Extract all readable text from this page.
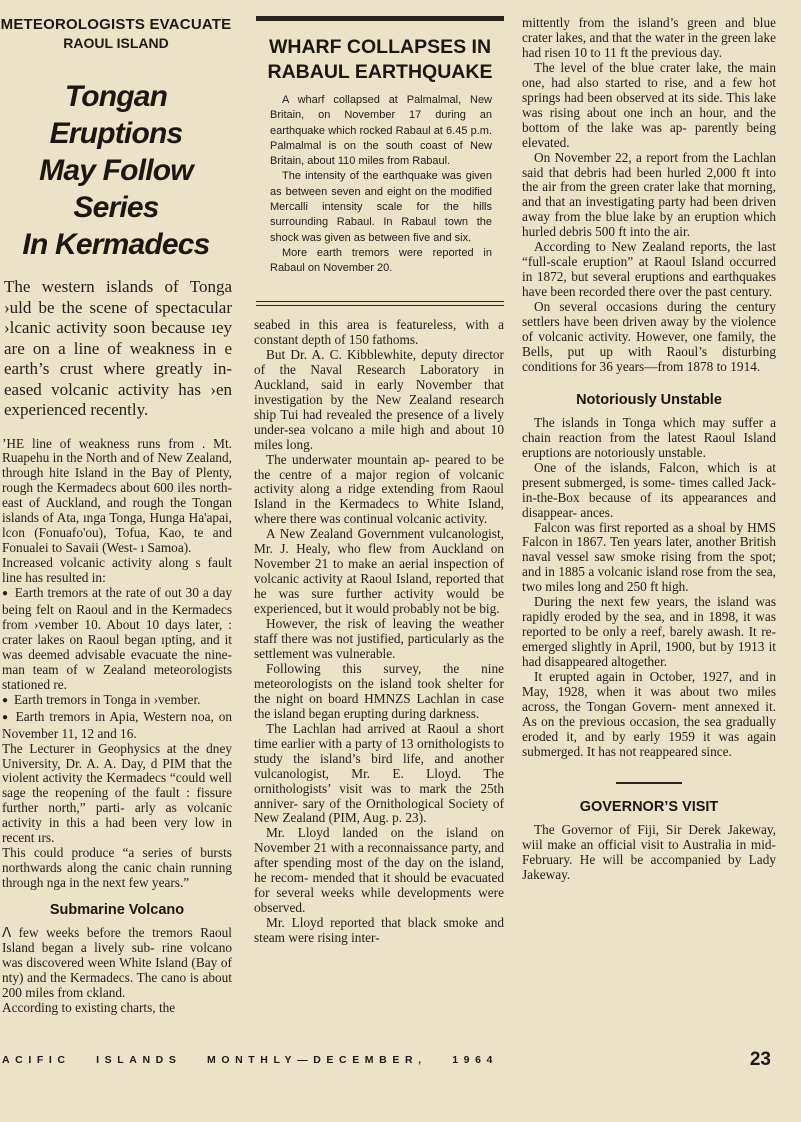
METEOROLOGISTS EVACUATE
RAOUL ISLAND
Tongan Eruptions
May Follow Series
In Kermadecs
The western islands of Tonga ›uld be the scene of spectacular ›lcanic activity soon because ıey are on a line of weakness in e earth’s crust where greatly in- eased volcanic activity has ›en experienced recently.

ʼHE line of weakness runs from . Mt. Ruapehu in the North and of New Zealand, through hite Island in the Bay of Plenty, rough the Kermadecs about 600 iles north-east of Auckland, and rough the Tongan islands of Ata, ınga Tonga, Hunga Ha'apai, lcon (Fonuafo'ou), Tofua, Kao, te and Fonualei to Savaii (West- ı Samoa).

Increased volcanic activity along s fault line has resulted in:

● Earth tremors at the rate of out 30 a day being felt on Raoul and in the Kermadecs from ›vember 10. About 10 days later, : crater lakes on Raoul began ıpting, and it was deemed advisable evacuate the nine-man team of w Zealand meteorologists stationed re.

● Earth tremors in Tonga in ›vember.

● Earth tremors in Apia, Western noa, on November 11, 12 and 16.

The Lecturer in Geophysics at the dney University, Dr. A. A. Day, d PIM that the violent activity the Kermadecs “could well sage the reopening of the fault : fissure further north,” parti- arly as volcanic activity in this a had been very low in recent ırs.

This could produce “a series of bursts northwards along the canic chain running through nga in the next few years.”

Submarine Volcano

ᐱ few weeks before the tremors Raoul Island began a lively sub- rine volcano was discovered ween White Island (Bay of nty) and the Kermadecs. The cano is about 200 miles from ckland.

According to existing charts, the

WHARF COLLAPSES IN
RABAUL EARTHQUAKE

A wharf collapsed at Palmalmal, New Britain, on November 17 during an earthquake which rocked Rabaul at 6.45 p.m. Palmalmal is on the south coast of New Britain, about 110 miles from Rabaul.

The intensity of the earthquake was given as between seven and eight on the modified Mercalli intensity scale for the hills surrounding Rabaul. In Rabaul town the shock was given as between five and six.

More earth tremors were reported in Rabaul on November 20.

seabed in this area is featureless, with a constant depth of 150 fathoms.

But Dr. A. C. Kibblewhite, deputy director of the Naval Research Laboratory in Auckland, said in early November that investigation by the New Zealand research ship Tui had revealed the presence of a lively under-sea volcano a mile high and about 10 miles long.

The underwater mountain ap- peared to be the centre of a major region of volcanic activity along a ridge extending from Raoul Island in the Kermadecs to White Island, where there was continual volcanic activity.

A New Zealand Government vulcanologist, Mr. J. Healy, who flew from Auckland on November 21 to make an aerial inspection of volcanic activity at Raoul Island, reported that he was sure further activity would be experienced, but it would probably not be big.

However, the risk of leaving the weather staff there was not justified, particularly as the settlement was vulnerable.

Following this survey, the nine meteorologists on the island took shelter for the night on board HMNZS Lachlan in case the island began erupting during darkness.

The Lachlan had arrived at Raoul a short time earlier with a party of 13 ornithologists to study the island’s bird life, and another vulcanologist, Mr. E. Lloyd. The ornithologists’ visit was to mark the 25th anniver- sary of the Ornithological Society of New Zealand (PIM, Aug. p. 23).

Mr. Lloyd landed on the island on November 21 with a reconnaissance party, and after spending most of the day on the island, he recom- mended that it should be evacuated for several weeks while developments were observed.

Mr. Lloyd reported that black smoke and steam were rising inter-

mittently from the island’s green and blue crater lakes, and that the water in the green lake had risen 10 to 11 ft the previous day.

The level of the blue crater lake, the main one, had also started to rise, and a few hot springs had been observed at its side. This lake was rising about one inch an hour, and the bottom of the lake was ap- parently being elevated.

On November 22, a report from the Lachlan said that debris had been hurled 2,000 ft into the air from the green crater lake that morning, and that an investigating party had been driven away from the blue lake by an eruption which hurled debris 500 ft into the air.

According to New Zealand reports, the last “full-scale eruption” at Raoul Island occurred in 1872, but several eruptions and earthquakes have been recorded there over the past century.

On several occasions during the century settlers have been driven away by the violence of volcanic activity. However, one family, the Bells, put up with Raoul’s disturbing conditions for 36 years—from 1878 to 1914.

Notoriously Unstable

The islands in Tonga which may suffer a chain reaction from the latest Raoul Island eruptions are notoriously unstable.

One of the islands, Falcon, which is at present submerged, is some- times called Jack-in-the-Box because of its appearances and disappear- ances.

Falcon was first reported as a shoal by HMS Falcon in 1867. Ten years later, another British naval vessel saw smoke rising from the spot; and in 1885 a volcanic island rose from the sea, two miles long and 250 ft high.

During the next few years, the island was rapidly eroded by the sea, and in 1898, it was reported to be only a reef, barely awash. It re- emerged slightly in April, 1900, but by 1913 it had disappeared altogether.

It erupted again in October, 1927, and in May, 1928, when it was about two miles across, the Tongan Govern- ment annexed it. As on the previous occasion, the sea gradually eroded it, and by early 1959 it was again submerged. It has not reappeared since.

GOVERNOR’S VISIT

The Governor of Fiji, Sir Derek Jakeway, wiil make an official visit to Australia in mid-February. He will be accompanied by Lady Jakeway.

ACIFIC   ISLANDS   MONTHLY—DECEMBER,   1964	23
